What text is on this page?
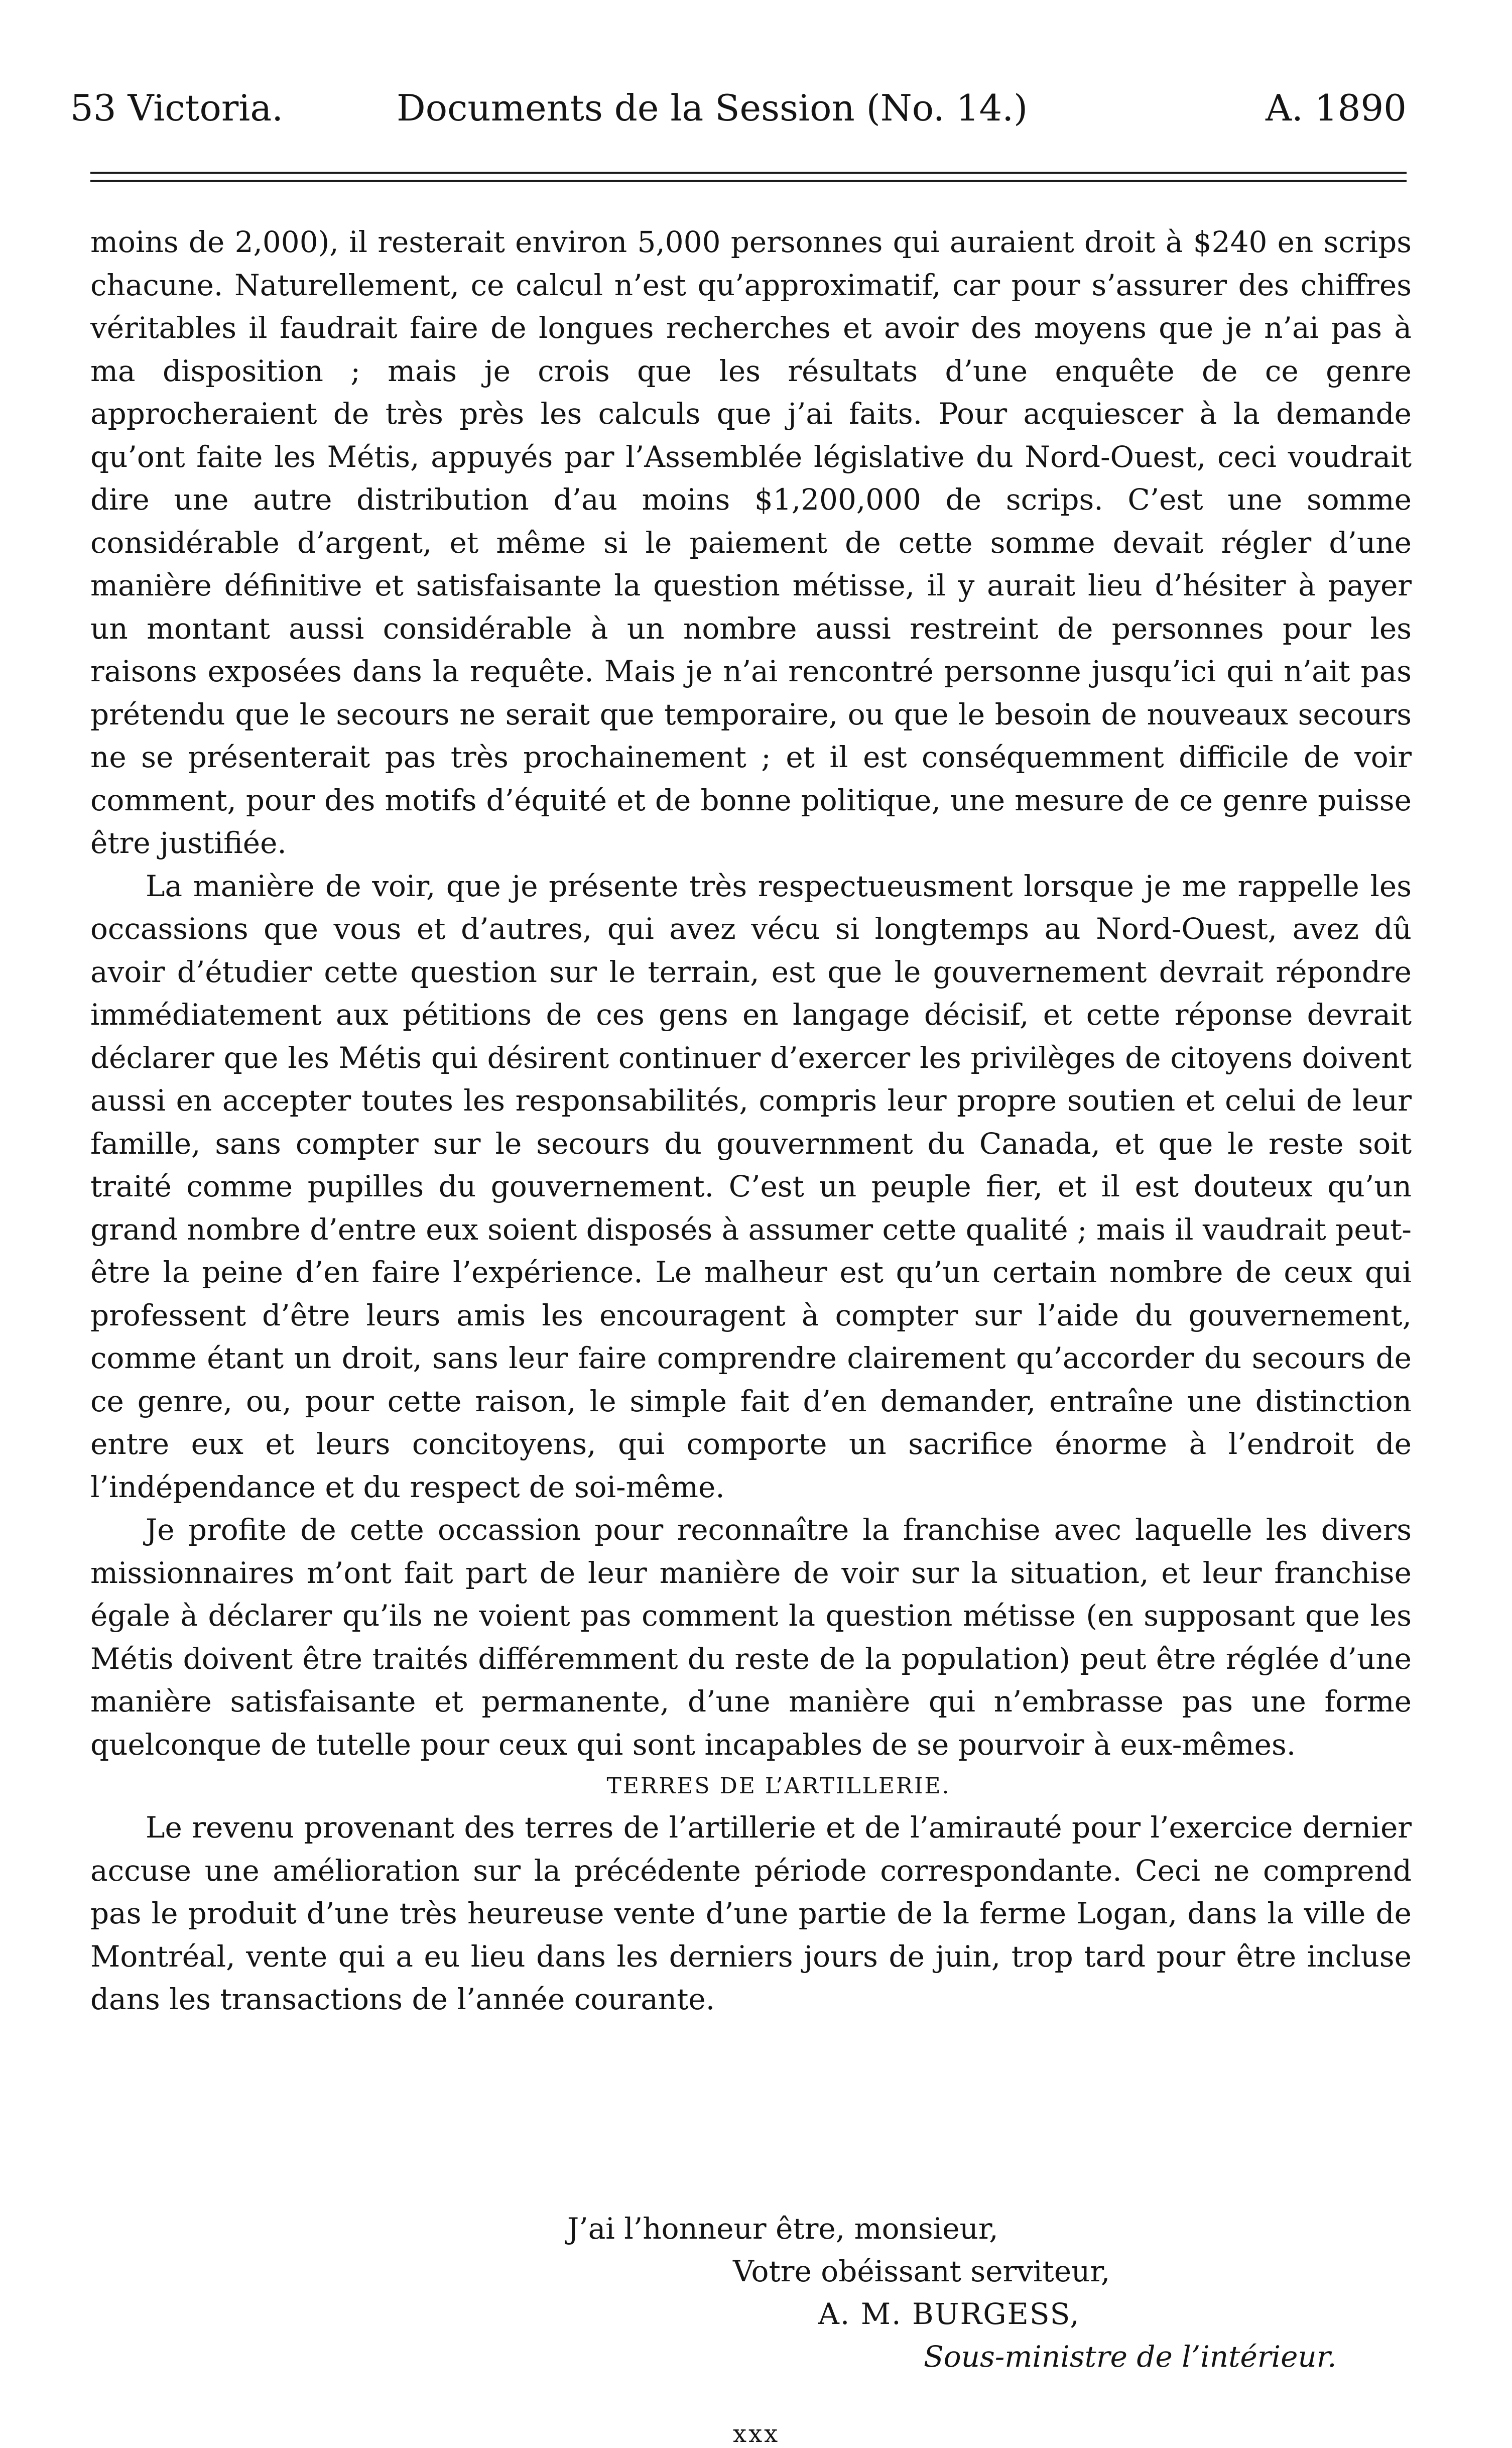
53 Victoria.	Documents de la Session (No. 14.)	A. 1890

moins de 2,000), il resterait environ 5,000 personnes qui auraient droit à $240 en scrips chacune. Naturellement, ce calcul n’est qu’approximatif, car pour s’assurer des chiffres véritables il faudrait faire de longues recherches et avoir des moyens que je n’ai pas à ma disposition ; mais je crois que les résultats d’une enquête de ce genre approcheraient de très près les calculs que j’ai faits. Pour acquiescer à la demande qu’ont faite les Métis, appuyés par l’Assemblée législative du Nord-Ouest, ceci voudrait dire une autre distribution d’au moins $1,200,000 de scrips. C’est une somme considérable d’argent, et même si le paiement de cette somme devait régler d’une manière définitive et satisfaisante la question métisse, il y aurait lieu d’hésiter à payer un montant aussi considérable à un nombre aussi restreint de personnes pour les raisons exposées dans la requête. Mais je n’ai rencontré personne jusqu’ici qui n’ait pas prétendu que le secours ne serait que temporaire, ou que le besoin de nouveaux secours ne se présenterait pas très prochainement ; et il est conséquemment difficile de voir comment, pour des motifs d’équité et de bonne politique, une mesure de ce genre puisse être justifiée.

La manière de voir, que je présente très respectueusment lorsque je me rappelle les occassions que vous et d’autres, qui avez vécu si longtemps au Nord-Ouest, avez dû avoir d’étudier cette question sur le terrain, est que le gouvernement devrait répondre immédiatement aux pétitions de ces gens en langage décisif, et cette réponse devrait déclarer que les Métis qui désirent continuer d’exercer les privilèges de citoyens doivent aussi en accepter toutes les responsabilités, compris leur propre soutien et celui de leur famille, sans compter sur le secours du gouvernment du Canada, et que le reste soit traité comme pupilles du gouvernement. C’est un peuple fier, et il est douteux qu’un grand nombre d’entre eux soient disposés à assumer cette qualité ; mais il vaudrait peut-être la peine d’en faire l’expérience. Le malheur est qu’un certain nombre de ceux qui professent d’être leurs amis les encouragent à compter sur l’aide du gouvernement, comme étant un droit, sans leur faire comprendre clairement qu’accorder du secours de ce genre, ou, pour cette raison, le simple fait d’en demander, entraîne une distinction entre eux et leurs concitoyens, qui comporte un sacrifice énorme à l’endroit de l’indépendance et du respect de soi-même.

Je profite de cette occassion pour reconnaître la franchise avec laquelle les divers missionnaires m’ont fait part de leur manière de voir sur la situation, et leur franchise égale à déclarer qu’ils ne voient pas comment la question métisse (en supposant que les Métis doivent être traités différemment du reste de la population) peut être réglée d’une manière satisfaisante et permanente, d’une manière qui n’embrasse pas une forme quelconque de tutelle pour ceux qui sont incapables de se pourvoir à eux-mêmes.

TERRES DE L’ARTILLERIE.

Le revenu provenant des terres de l’artillerie et de l’amirauté pour l’exercice dernier accuse une amélioration sur la précédente période correspondante. Ceci ne comprend pas le produit d’une très heureuse vente d’une partie de la ferme Logan, dans la ville de Montréal, vente qui a eu lieu dans les derniers jours de juin, trop tard pour être incluse dans les transactions de l’année courante.

J’ai l’honneur être, monsieur,
Votre obéissant serviteur,
A. M. BURGESS,
Sous-ministre de l’intérieur.
xxx
